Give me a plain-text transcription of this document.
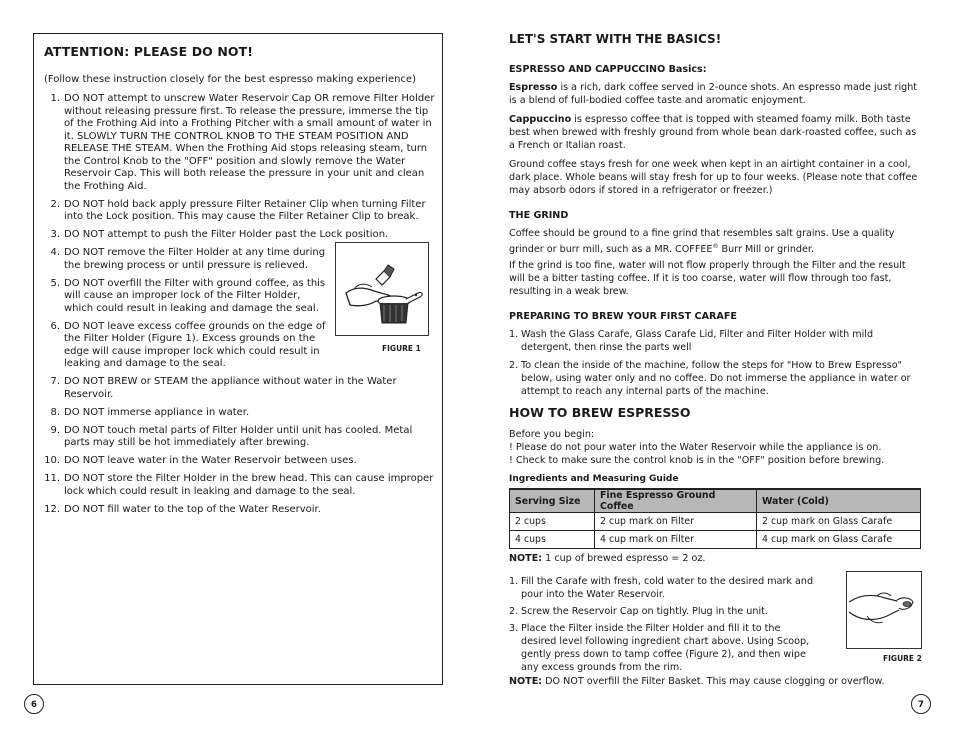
ATTENTION: PLEASE DO NOT!
(Follow these instruction closely for the best espresso making experience)
1. DO NOT attempt to unscrew Water Reservoir Cap OR remove Filter Holder without releasing pressure first. To release the pressure, immerse the tip of the Frothing Aid into a Frothing Pitcher with a small amount of water in it. SLOWLY TURN THE CONTROL KNOB TO THE STEAM POSITION AND RELEASE THE STEAM. When the Frothing Aid stops releasing steam, turn the Control Knob to the "OFF" position and slowly remove the Water Reservoir Cap. This will both release the pressure in your unit and clean the Frothing Aid.
2. DO NOT hold back apply pressure Filter Retainer Clip when turning Filter into the Lock position. This may cause the Filter Retainer Clip to break.
3. DO NOT attempt to push the Filter Holder past the Lock position.
4. DO NOT remove the Filter Holder at any time during the brewing process or until pressure is relieved.
5. DO NOT overfill the Filter with ground coffee, as this will cause an improper lock of the Filter Holder, which could result in leaking and damage the seal.
6. DO NOT leave excess coffee grounds on the edge of the Filter Holder (Figure 1). Excess grounds on the edge will cause improper lock which could result in leaking and damage to the seal.
7. DO NOT BREW or STEAM the appliance without water in the Water Reservoir.
8. DO NOT immerse appliance in water.
9. DO NOT touch metal parts of Filter Holder until unit has cooled. Metal parts may still be hot immediately after brewing.
10. DO NOT leave water in the Water Reservoir between uses.
11. DO NOT store the Filter Holder in the brew head. This can cause improper lock which could result in leaking and damage to the seal.
12. DO NOT fill water to the top of the Water Reservoir.
FIGURE 1
6
LET'S START WITH THE BASICS!
ESPRESSO AND CAPPUCCINO Basics:
Espresso is a rich, dark coffee served in 2-ounce shots. An espresso made just right is a blend of full-bodied coffee taste and aromatic enjoyment.
Cappuccino is espresso coffee that is topped with steamed foamy milk. Both taste best when brewed with freshly ground from whole bean dark-roasted coffee, such as a French or Italian roast.
Ground coffee stays fresh for one week when kept in an airtight container in a cool, dark place. Whole beans will stay fresh for up to four weeks. (Please note that coffee may absorb odors if stored in a refrigerator or freezer.)
THE GRIND
Coffee should be ground to a fine grind that resembles salt grains. Use a quality grinder or burr mill, such as a MR. COFFEE® Burr Mill or grinder.
If the grind is too fine, water will not flow properly through the Filter and the result will be a bitter tasting coffee. If it is too coarse, water will flow through too fast, resulting in a weak brew.
PREPARING TO BREW YOUR FIRST CARAFE
1. Wash the Glass Carafe, Glass Carafe Lid, Filter and Filter Holder with mild detergent, then rinse the parts well
2. To clean the inside of the machine, follow the steps for "How to Brew Espresso" below, using water only and no coffee. Do not immerse the appliance in water or attempt to reach any internal parts of the machine.
HOW TO BREW ESPRESSO
Before you begin:
! Please do not pour water into the Water Reservoir while the appliance is on.
! Check to make sure the control knob is in the "OFF" position before brewing.
Ingredients and Measuring Guide
Serving Size	Fine Espresso Ground Coffee	Water (Cold)
2 cups	2 cup mark on Filter	2 cup mark on Glass Carafe
4 cups	4 cup mark on Filter	4 cup mark on Glass Carafe
NOTE: 1 cup of brewed espresso = 2 oz.
1. Fill the Carafe with fresh, cold water to the desired mark and pour into the Water Reservoir.
2. Screw the Reservoir Cap on tightly. Plug in the unit.
3. Place the Filter inside the Filter Holder and fill it to the desired level following ingredient chart above. Using Scoop, gently press down to tamp coffee (Figure 2), and then wipe any excess grounds from the rim.
NOTE: DO NOT overfill the Filter Basket. This may cause clogging or overflow.
FIGURE 2
7
